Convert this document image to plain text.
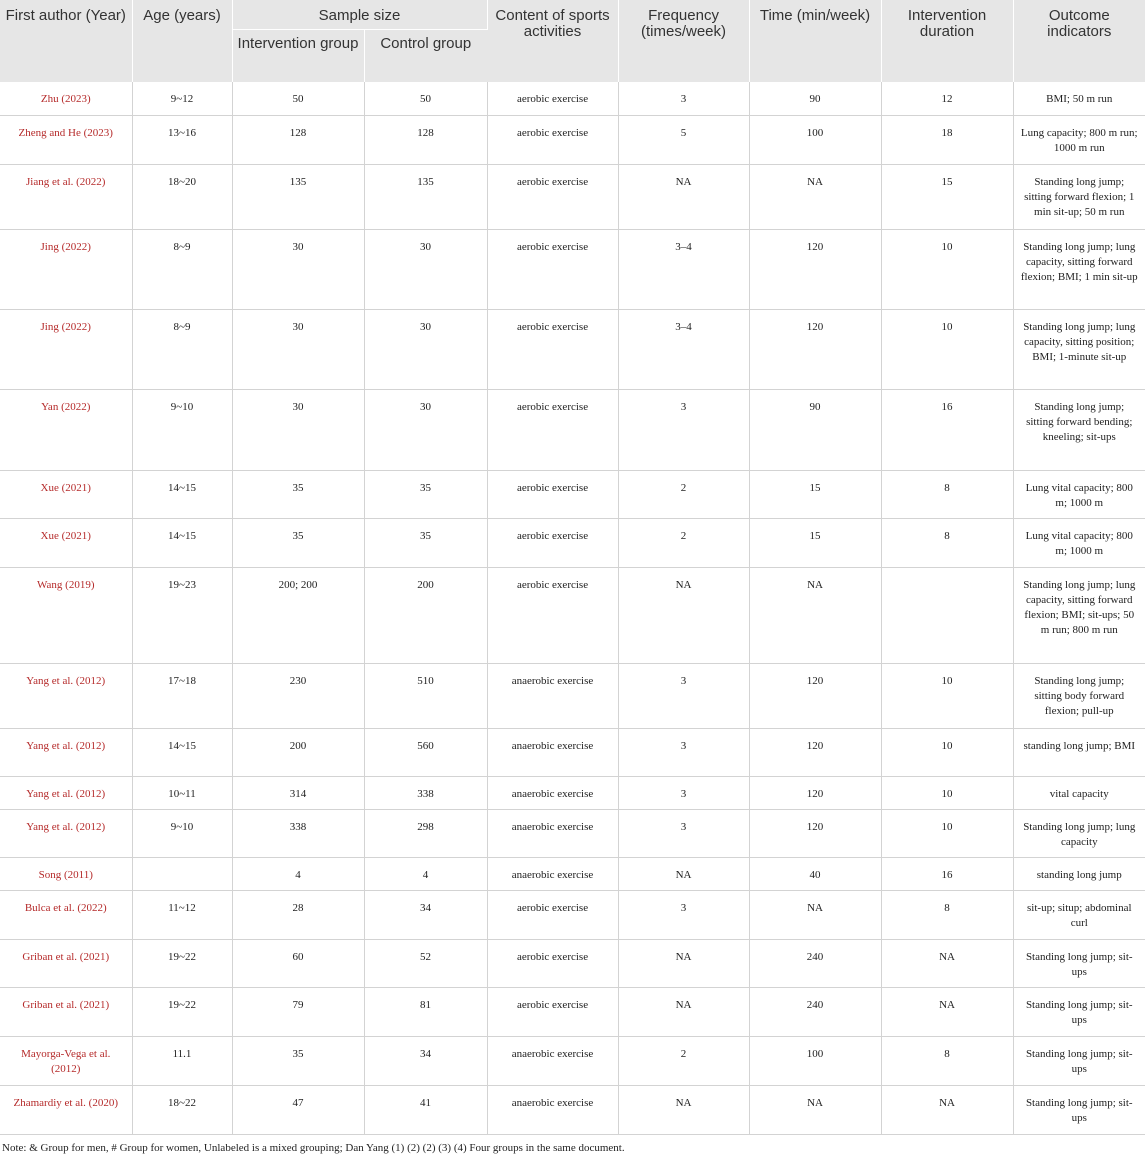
First author (Year)	Age (years)	Sample size		Content of sports activities	Frequency (times/week)	Time (min/week)	Intervention duration	Outcome indicators
		Intervention group	Control group					
Zhu (2023)	9~12	50	50	aerobic exercise	3	90	12	BMI; 50 m run
Zheng and He (2023)	13~16	128	128	aerobic exercise	5	100	18	Lung capacity; 800 m run; 1000 m run
Jiang et al. (2022)	18~20	135	135	aerobic exercise	NA	NA	15	Standing long jump; sitting forward flexion; 1 min sit-up; 50 m run
Jing (2022)	8~9	30	30	aerobic exercise	3–4	120	10	Standing long jump; lung capacity, sitting forward flexion; BMI; 1 min sit-up
Jing (2022)	8~9	30	30	aerobic exercise	3–4	120	10	Standing long jump; lung capacity, sitting position; BMI; 1-minute sit-up
Yan (2022)	9~10	30	30	aerobic exercise	3	90	16	Standing long jump; sitting forward bending; kneeling; sit-ups
Xue (2021)	14~15	35	35	aerobic exercise	2	15	8	Lung vital capacity; 800 m; 1000 m
Xue (2021)	14~15	35	35	aerobic exercise	2	15	8	Lung vital capacity; 800 m; 1000 m
Wang (2019)	19~23	200; 200	200	aerobic exercise	NA	NA		Standing long jump; lung capacity, sitting forward flexion; BMI; sit-ups; 50 m run; 800 m run
Yang et al. (2012)	17~18	230	510	anaerobic exercise	3	120	10	Standing long jump; sitting body forward flexion; pull-up
Yang et al. (2012)	14~15	200	560	anaerobic exercise	3	120	10	standing long jump; BMI
Yang et al. (2012)	10~11	314	338	anaerobic exercise	3	120	10	vital capacity
Yang et al. (2012)	9~10	338	298	anaerobic exercise	3	120	10	Standing long jump; lung capacity
Song (2011)		4	4	anaerobic exercise	NA	40	16	standing long jump
Bulca et al. (2022)	11~12	28	34	aerobic exercise	3	NA	8	sit-up; situp; abdominal curl
Griban et al. (2021)	19~22	60	52	aerobic exercise	NA	240	NA	Standing long jump; sit-ups
Griban et al. (2021)	19~22	79	81	aerobic exercise	NA	240	NA	Standing long jump; sit-ups
Mayorga-Vega et al. (2012)	11.1	35	34	anaerobic exercise	2	100	8	Standing long jump; sit-ups
Zhamardiy et al. (2020)	18~22	47	41	anaerobic exercise	NA	NA	NA	Standing long jump; sit-ups
Note: & Group for men, # Group for women, Unlabeled is a mixed grouping; Dan Yang (1) (2) (2) (3) (4) Four groups in the same document.
